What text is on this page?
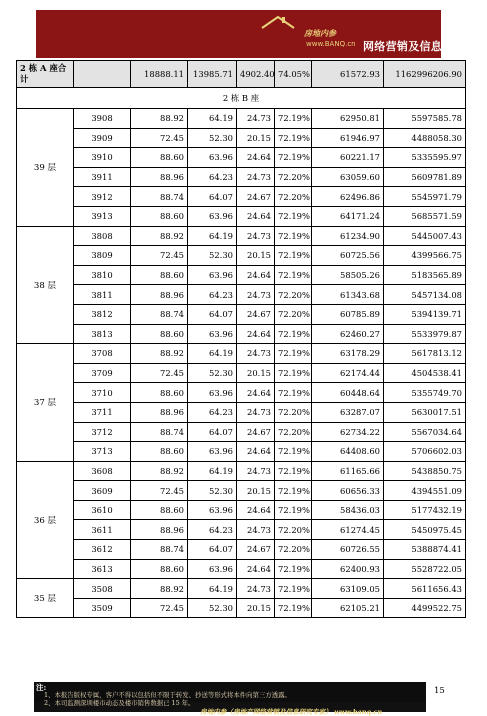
房地内参
www.BANQ.cn 网络营销及信息研究专家
2 栋 A 座合计		18888.11	13985.71	4902.40	74.05%	61572.93	1162996206.90
2 栋 B 座							
39 层	3908	88.92	64.19	24.73	72.19%	62950.81	5597585.78
	3909	72.45	52.30	20.15	72.19%	61946.97	4488058.30
	3910	88.60	63.96	24.64	72.19%	60221.17	5335595.97
	3911	88.96	64.23	24.73	72.20%	63059.60	5609781.89
	3912	88.74	64.07	24.67	72.20%	62496.86	5545971.79
	3913	88.60	63.96	24.64	72.19%	64171.24	5685571.59
38 层	3808	88.92	64.19	24.73	72.19%	61234.90	5445007.43
	3809	72.45	52.30	20.15	72.19%	60725.56	4399566.75
	3810	88.60	63.96	24.64	72.19%	58505.26	5183565.89
	3811	88.96	64.23	24.73	72.20%	61343.68	5457134.08
	3812	88.74	64.07	24.67	72.20%	60785.89	5394139.71
	3813	88.60	63.96	24.64	72.19%	62460.27	5533979.87
37 层	3708	88.92	64.19	24.73	72.19%	63178.29	5617813.12
	3709	72.45	52.30	20.15	72.19%	62174.44	4504538.41
	3710	88.60	63.96	24.64	72.19%	60448.64	5355749.70
	3711	88.96	64.23	24.73	72.20%	63287.07	5630017.51
	3712	88.74	64.07	24.67	72.20%	62734.22	5567034.64
	3713	88.60	63.96	24.64	72.19%	64408.60	5706602.03
36 层	3608	88.92	64.19	24.73	72.19%	61165.66	5438850.75
	3609	72.45	52.30	20.15	72.19%	60656.33	4394551.09
	3610	88.60	63.96	24.64	72.19%	58436.03	5177432.19
	3611	88.96	64.23	24.73	72.20%	61274.45	5450975.45
	3612	88.74	64.07	24.67	72.20%	60726.55	5388874.41
	3613	88.60	63.96	24.64	72.19%	62400.93	5528722.05
35 层	3508	88.92	64.19	24.73	72.19%	63109.05	5611656.43
	3509	72.45	52.30	20.15	72.19%	62105.21	4499522.75
注:
1、本报告版权专属，客户不得以包括但不限于转发、抄送等形式将本件向第三方透露。
2、本司监测深圳楼市动态及楼市销售数据已 15 年。
房地内参（房地产网络营销及信息研究专家） www.banq.cn
15
